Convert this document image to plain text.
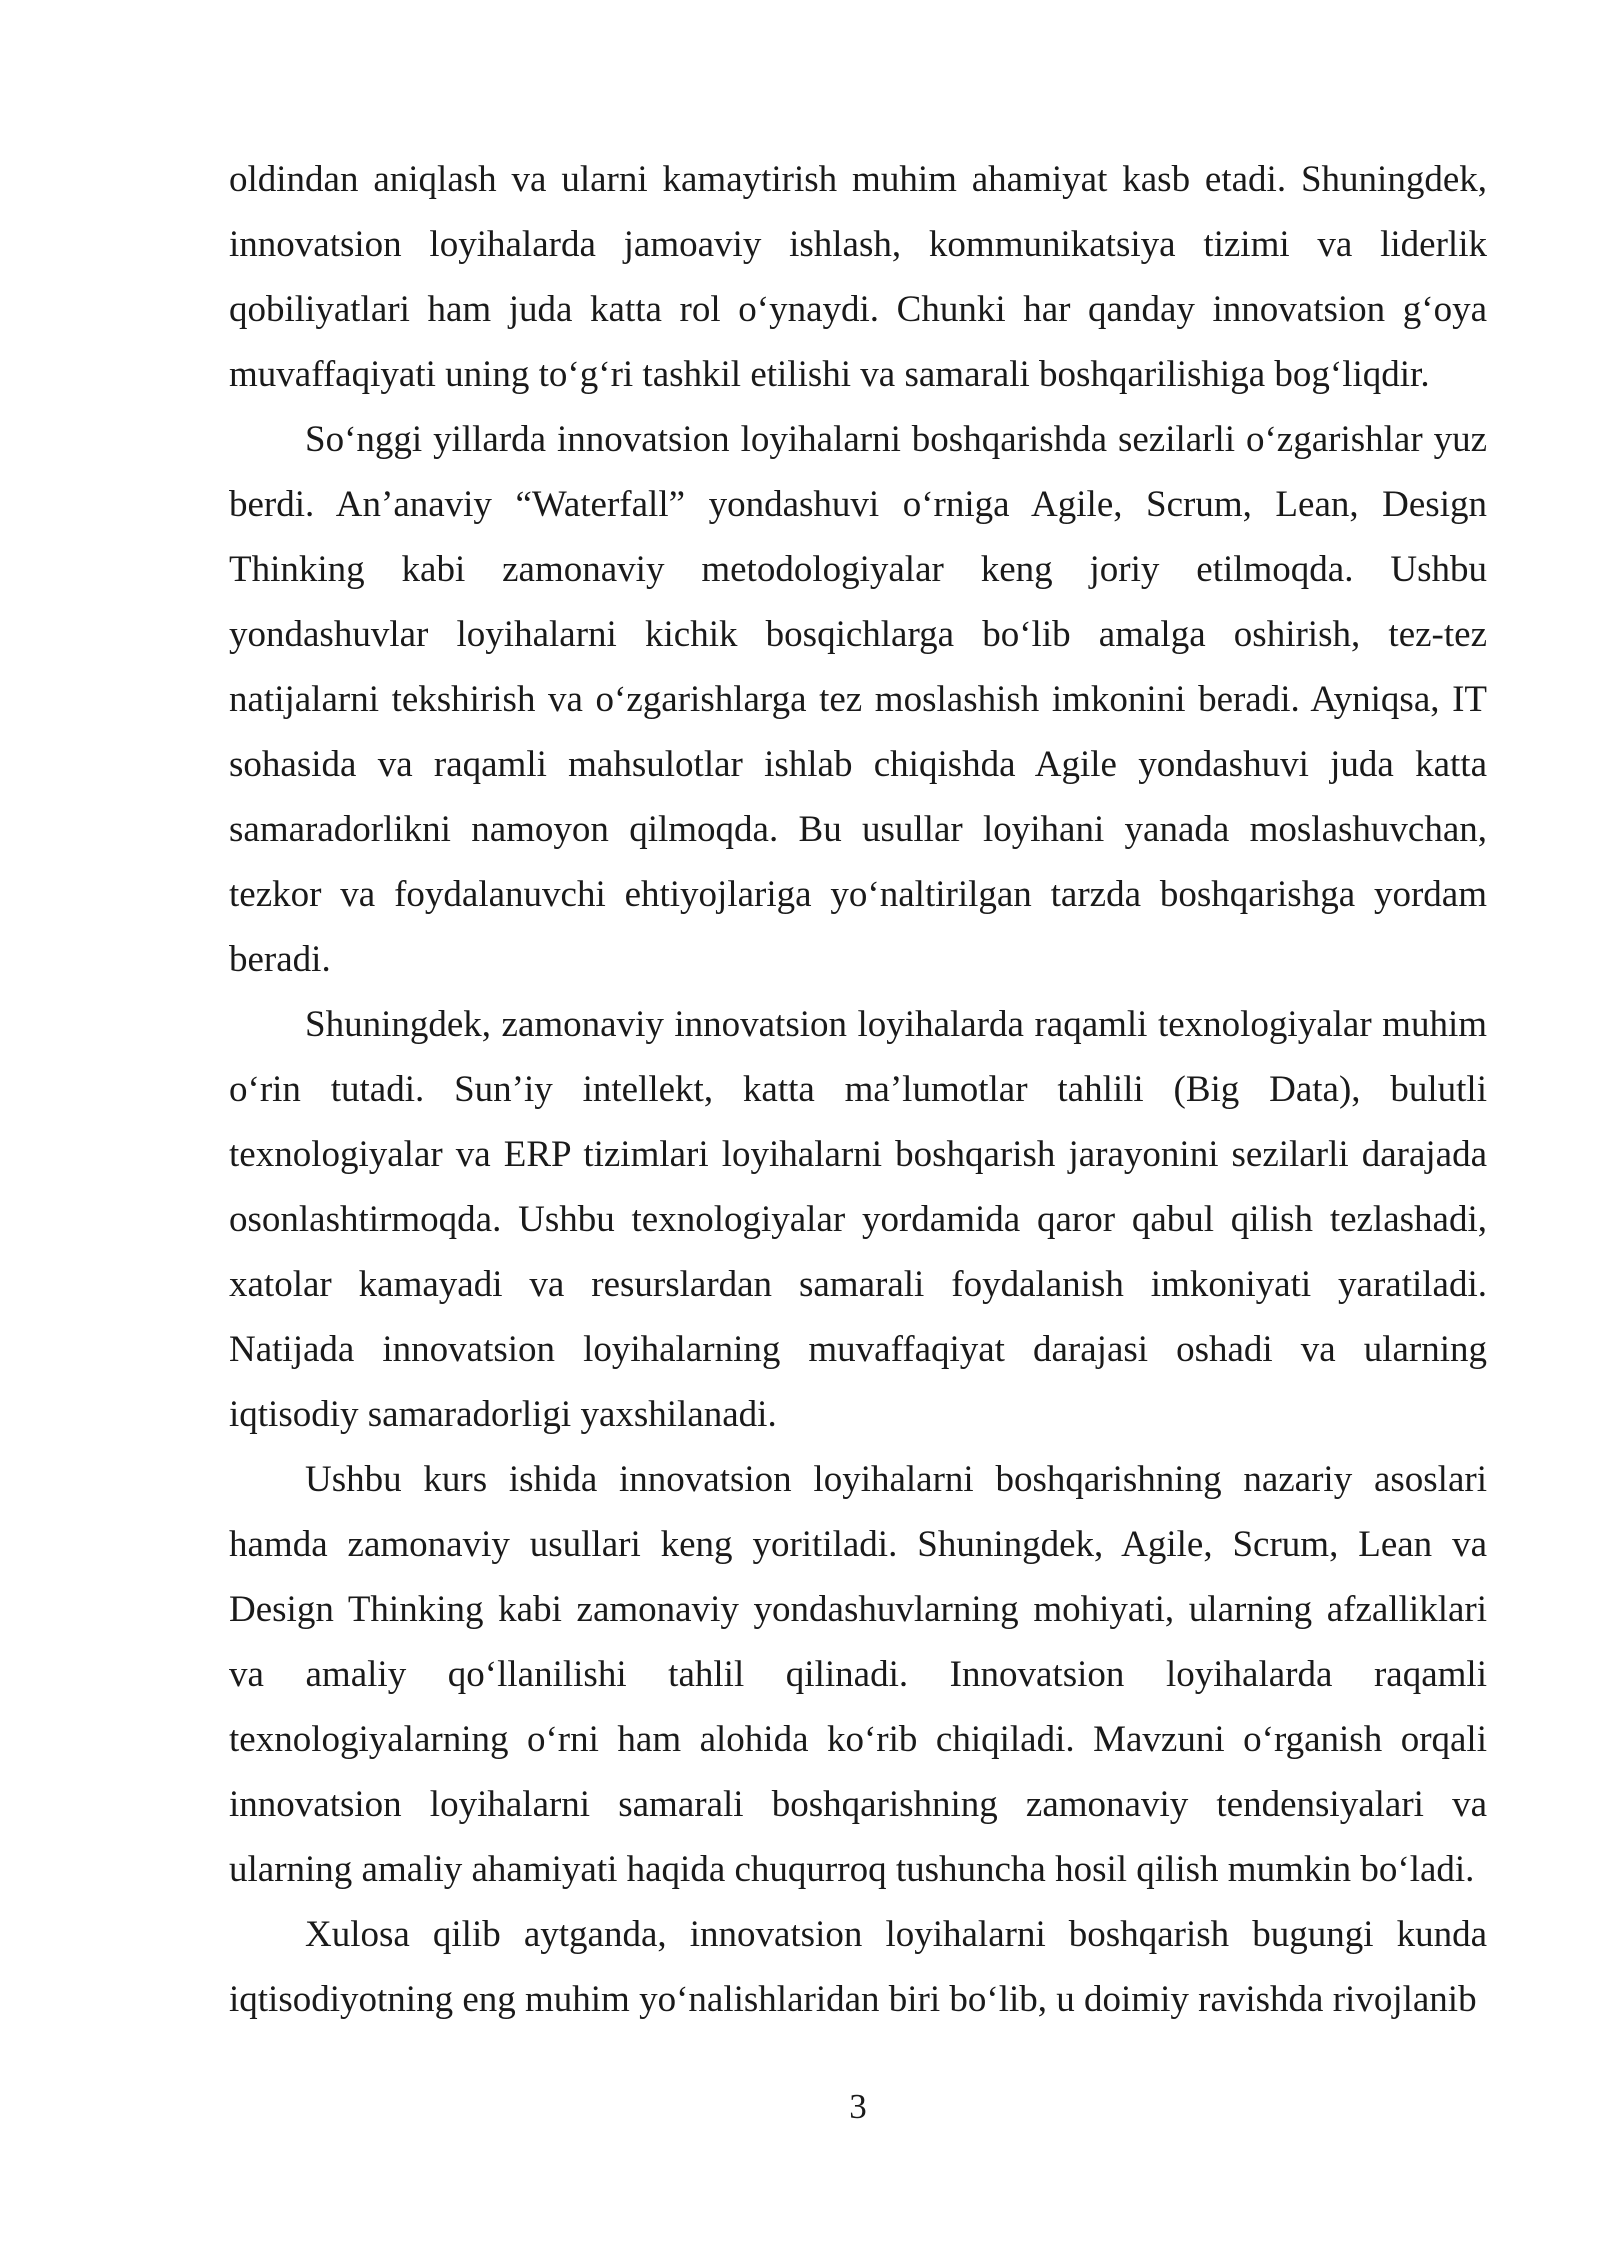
oldindan aniqlash va ularni kamaytirish muhim ahamiyat kasb etadi. Shuningdek, innovatsion loyihalarda jamoaviy ishlash, kommunikatsiya tizimi va liderlik qobiliyatlari ham juda katta rol o‘ynaydi. Chunki har qanday innovatsion g‘oya muvaffaqiyati uning to‘g‘ri tashkil etilishi va samarali boshqarilishiga bog‘liqdir.

So‘nggi yillarda innovatsion loyihalarni boshqarishda sezilarli o‘zgarishlar yuz berdi. An’anaviy “Waterfall” yondashuvi o‘rniga Agile, Scrum, Lean, Design Thinking kabi zamonaviy metodologiyalar keng joriy etilmoqda. Ushbu yondashuvlar loyihalarni kichik bosqichlarga bo‘lib amalga oshirish, tez-tez natijalarni tekshirish va o‘zgarishlarga tez moslashish imkonini beradi. Ayniqsa, IT sohasida va raqamli mahsulotlar ishlab chiqishda Agile yondashuvi juda katta samaradorlikni namoyon qilmoqda. Bu usullar loyihani yanada moslashuvchan, tezkor va foydalanuvchi ehtiyojlariga yo‘naltirilgan tarzda boshqarishga yordam beradi.

Shuningdek, zamonaviy innovatsion loyihalarda raqamli texnologiyalar muhim o‘rin tutadi. Sun’iy intellekt, katta ma’lumotlar tahlili (Big Data), bulutli texnologiyalar va ERP tizimlari loyihalarni boshqarish jarayonini sezilarli darajada osonlashtirmoqda. Ushbu texnologiyalar yordamida qaror qabul qilish tezlashadi, xatolar kamayadi va resurslardan samarali foydalanish imkoniyati yaratiladi. Natijada innovatsion loyihalarning muvaffaqiyat darajasi oshadi va ularning iqtisodiy samaradorligi yaxshilanadi.

Ushbu kurs ishida innovatsion loyihalarni boshqarishning nazariy asoslari hamda zamonaviy usullari keng yoritiladi. Shuningdek, Agile, Scrum, Lean va Design Thinking kabi zamonaviy yondashuvlarning mohiyati, ularning afzalliklari va amaliy qo‘llanilishi tahlil qilinadi. Innovatsion loyihalarda raqamli texnologiyalarning o‘rni ham alohida ko‘rib chiqiladi. Mavzuni o‘rganish orqali innovatsion loyihalarni samarali boshqarishning zamonaviy tendensiyalari va ularning amaliy ahamiyati haqida chuqurroq tushuncha hosil qilish mumkin bo‘ladi.

Xulosa qilib aytganda, innovatsion loyihalarni boshqarish bugungi kunda iqtisodiyotning eng muhim yo‘nalishlaridan biri bo‘lib, u doimiy ravishda rivojlanib

3
